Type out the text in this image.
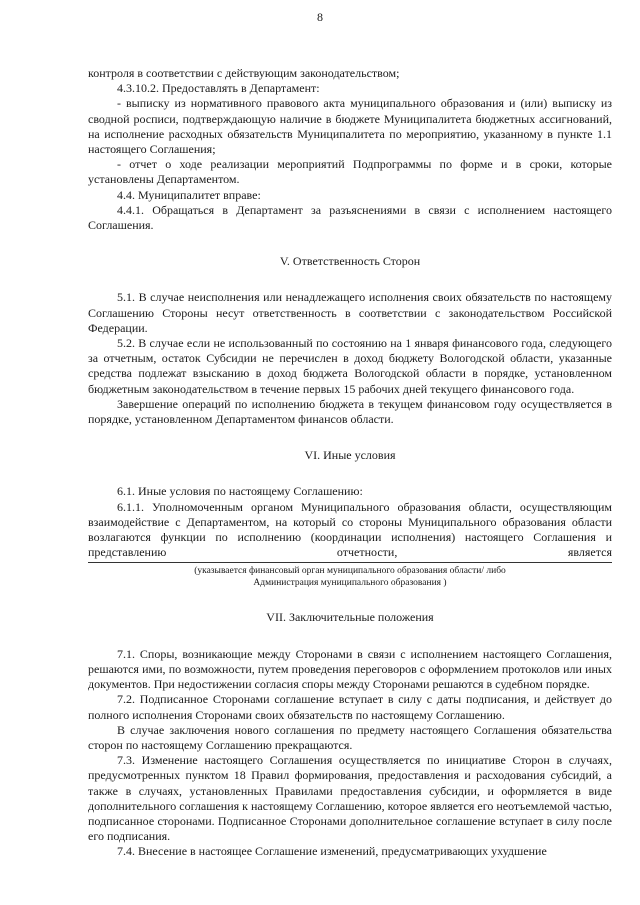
8

контроля в соответствии с действующим законодательством;

4.3.10.2. Предоставлять в Департамент:

- выписку из нормативного правового акта муниципального образования и (или) выписку из сводной росписи, подтверждающую наличие в бюджете Муниципалитета бюджетных ассигнований, на исполнение расходных обязательств Муниципалитета по мероприятию, указанному в пункте 1.1 настоящего Соглашения;

- отчет о ходе реализации мероприятий Подпрограммы по форме и в сроки, которые установлены Департаментом.

4.4. Муниципалитет вправе:

4.4.1. Обращаться в Департамент за разъяснениями в связи с исполнением настоящего Соглашения.

V. Ответственность Сторон

5.1. В случае неисполнения или ненадлежащего исполнения своих обязательств по настоящему Соглашению Стороны несут ответственность в соответствии с законодательством Российской Федерации.

5.2. В случае если не использованный по состоянию на 1 января финансового года, следующего за отчетным, остаток Субсидии не перечислен в доход бюджету Вологодской области, указанные средства подлежат взысканию в доход бюджета Вологодской области в порядке, установленном бюджетным законодательством в течение первых 15 рабочих дней текущего финансового года.

Завершение операций по исполнению бюджета в текущем финансовом году осуществляется в порядке, установленном Департаментом финансов области.

VI. Иные условия

6.1. Иные условия по настоящему Соглашению:

6.1.1. Уполномоченным органом Муниципального образования области, осуществляющим взаимодействие с Департаментом, на который со стороны Муниципального образования области возлагаются функции по исполнению (координации исполнения) настоящего Соглашения и представлению отчетности, является

(указывается финансовый орган муниципального образования области/ либо

Администрация муниципального образования )

VII. Заключительные положения

7.1. Споры, возникающие между Сторонами в связи с исполнением настоящего Соглашения, решаются ими, по возможности, путем проведения переговоров с оформлением протоколов или иных документов. При недостижении согласия споры между Сторонами решаются в судебном порядке.

7.2. Подписанное Сторонами соглашение вступает в силу с даты подписания, и действует до полного исполнения Сторонами своих обязательств по настоящему Соглашению.

В случае заключения нового соглашения по предмету настоящего Соглашения обязательства сторон по настоящему Соглашению прекращаются.

7.3. Изменение настоящего Соглашения осуществляется по инициативе Сторон в случаях, предусмотренных пунктом 18 Правил формирования, предоставления и расходования субсидий, а также в случаях, установленных Правилами предоставления субсидии, и оформляется в виде дополнительного соглашения к настоящему Соглашению, которое является его неотъемлемой частью, подписанное сторонами. Подписанное Сторонами дополнительное соглашение вступает в силу после его подписания.

7.4. Внесение в настоящее Соглашение изменений, предусматривающих ухудшение
